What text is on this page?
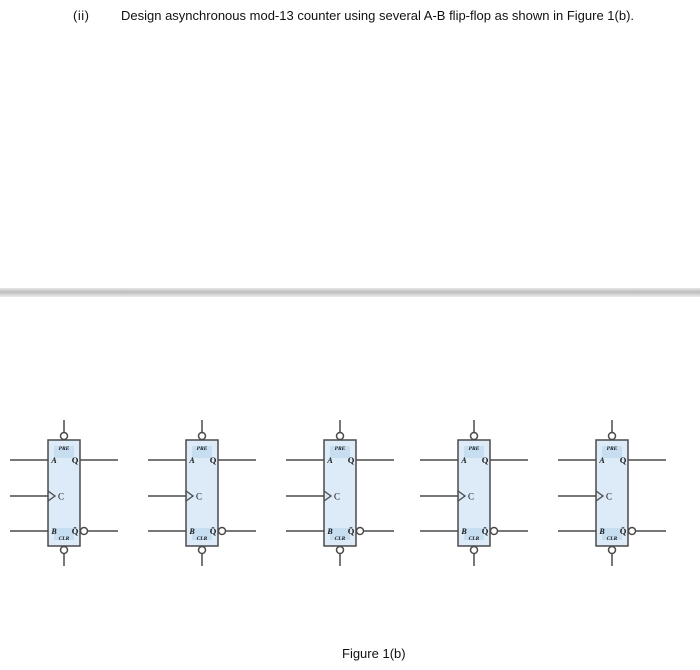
(ii) Design asynchronous mod-13 counter using several A-B flip-flop as shown in Figure 1(b).
PRE
CLR
A
C
B
Q
Q̄
PRE
CLR
A
C
B
Q
Q̄
PRE
CLR
A
C
B
Q
Q̄
PRE
CLR
A
C
B
Q
Q̄
PRE
CLR
A
C
B
Q
Q̄
Figure 1(b)
